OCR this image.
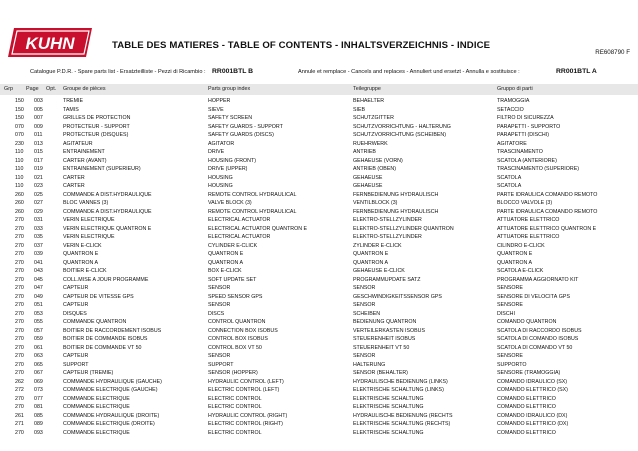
KUHN	TABLE DES MATIERES - TABLE OF CONTENTS - INHALTSVERZEICHNIS - INDICE
RE608790 F
Catalogue P.D.R. - Spare parts list - Ersatzteilliste - Pezzi di Ricambio : RR001BTL B	Annule et remplace - Cancels and replaces - Annuliert und ersetzt - Annulla e sostituisce :	RR001BTL A
Grp Page Opt. Groupe de pièces	Parts group index	Teilegruppe	Gruppo di parti
150	003	TREMIE	HOPPER	BEHAELTER	TRAMOGGIA
150	005	TAMIS	SIEVE	SIEB	SETACCIO
150	007	GRILLES DE PROTECTION	SAFETY SCREEN	SCHUTZGITTER	FILTRO DI SICUREZZA
070	009	PROTECTEUR - SUPPORT	SAFETY GUARDS - SUPPORT	SCHUTZVORRICHTUNG - HALTERUNG	PARAPETTI - SUPPORTO
070	011	PROTECTEUR (DISQUES)	SAFETY GUARDS (DISCS)	SCHUTZVORRICHTUNG (SCHEIBEN)	PARAPETTI (DISCHI)
230	013	AGITATEUR	AGITATOR	RUEHRWERK	AGITATORE
110	015	ENTRAINEMENT	DRIVE	ANTRIEB	TRASCINAMENTO
110	017	CARTER (AVANT)	HOUSING (FRONT)	GEHAEUSE (VORN)	SCATOLA (ANTERIORE)
110	019	ENTRAINEMENT (SUPERIEUR)	DRIVE (UPPER)	ANTRIEB (OBEN)	TRASCINAMENTO (SUPERIORE)
110	021	CARTER	HOUSING	GEHAEUSE	SCATOLA
110	023	CARTER	HOUSING	GEHAEUSE	SCATOLA
260	025	COMMANDE A DIST.HYDRAULIQUE	REMOTE CONTROL HYDRAULICAL	FERNBEDIENUNG HYDRAULISCH	PARTE IDRAULICA COMANDO REMOTO
260	027	BLOC VANNES (3)	VALVE BLOCK (3)	VENTILBLOCK (3)	BLOCCO VALVOLE (3)
260	029	COMMANDE A DIST.HYDRAULIQUE	REMOTE CONTROL HYDRAULICAL	FERNBEDIENUNG HYDRAULISCH	PARTE IDRAULICA COMANDO REMOTO
270	031	VERIN ELECTRIQUE	ELECTRICAL ACTUATOR	ELEKTRO-STELLZYLINDER	ATTUATORE ELETTRICO
270	033	VERIN ELECTRIQUE QUANTRON E	ELECTRICAL ACTUATOR QUANTRON E	ELEKTRO-STELLZYLINDER QUANTRON	ATTUATORE ELETTRICO QUANTRON E
270	035	VERIN ELECTRIQUE	ELECTRICAL ACTUATOR	ELEKTRO-STELLZYLINDER	ATTUATORE ELETTRICO
270	037	VERIN E-CLICK	CYLINDER E-CLICK	ZYLINDER E-CLICK	CILINDRO E-CLICK
270	039	QUANTRON E	QUANTRON E	QUANTRON E	QUANTRON E
270	041	QUANTRON A	QUANTRON A	QUANTRON A	QUANTRON A
270	043	BOITIER E-CLICK	BOX E-CLICK	GEHAEUSE E-CLICK	SCATOLA E-CLICK
270	045	COLL.MISE A JOUR PROGRAMME	SOFT UPDATE SET	PROGRAMMUPDATE SATZ	PROGRAMMA AGGIORNATO KIT
270	047	CAPTEUR	SENSOR	SENSOR	SENSORE
270	049	CAPTEUR DE VITESSE GPS	SPEED SENSOR GPS	GESCHWINDIGKEITSSENSOR GPS	SENSORE DI VELOCITÀ GPS
270	051	CAPTEUR	SENSOR	SENSOR	SENSORE
270	053	DISQUES	DISCS	SCHEIBEN	DISCHI
270	055	COMMANDE QUANTRON	CONTROL QUANTRON	BEDIENUNG QUANTRON	COMANDO QUANTRON
270	057	BOITIER DE RACCORDEMENT ISOBUS	CONNECTION BOX ISOBUS	VERTEILERKASTEN ISOBUS	SCATOLA DI RACCORDO ISOBUS
270	059	BOITIER DE COMMANDE ISOBUS	CONTROL BOX ISOBUS	STEUERENHEIT ISOBUS	SCATOLA DI COMANDO ISOBUS
270	061	BOITIER DE COMMANDE VT 50	CONTROL BOX VT 50	STEUERENHEIT VT 50	SCATOLA DI COMANDO VT 50
270	063	CAPTEUR	SENSOR	SENSOR	SENSORE
270	065	SUPPORT	SUPPORT	HALTERUNG	SUPPORTO
270	067	CAPTEUR (TREMIE)	SENSOR (HOPPER)	SENSOR (BEHÄLTER)	SENSORE (TRAMOGGIA)
262	069	COMMANDE HYDRAULIQUE (GAUCHE)	HYDRAULIC CONTROL (LEFT)	HYDRAULISCHE BEDIENUNG (LINKS)	COMANDO IDRAULICO (SX)
272	073	COMMANDE ELECTRIQUE (GAUCHE)	ELECTRIC CONTROL (LEFT)	ELEKTRISCHE SCHALTUNG (LINKS)	COMANDO ELETTRICO (SX)
270	077	COMMANDE ELECTRIQUE	ELECTRIC CONTROL	ELEKTRISCHE SCHALTUNG	COMANDO ELETTRICO
270	081	COMMANDE ELECTRIQUE	ELECTRIC CONTROL	ELEKTRISCHE SCHALTUNG	COMANDO ELETTRICO
261	085	COMMANDE HYDRAULIQUE (DROITE)	HYDRAULIC CONTROL (RIGHT)	HYDRAULISCHE BEDIENUNG (RECHTS	COMANDO IDRAULICO (DX)
271	089	COMMANDE ELECTRIQUE (DROITE)	ELECTRIC CONTROL (RIGHT)	ELEKTRISCHE SCHALTUNG (RECHTS)	COMANDO ELETTRICO (DX)
270	093	COMMANDE ELECTRIQUE	ELECTRIC CONTROL	ELEKTRISCHE SCHALTUNG	COMANDO ELETTRICO
